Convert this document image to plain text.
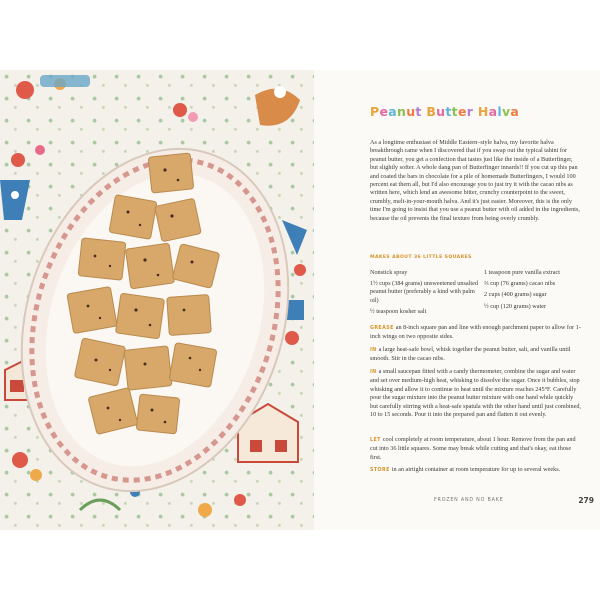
Peanut Butter Halva
As a longtime enthusiast of Middle Eastern–style halva, my favorite halva breakthrough came when I discovered that if you swap out the typical tahini for peanut butter, you get a confection that tastes just like the inside of a Butterfinger, but slightly softer. A whole dang pan of Butterfinger innards!! If you cut up this pan and coated the bars in chocolate for a pile of homemade Butterfingers, I would 100 percent eat them all, but I'd also encourage you to just try it with the cacao nibs as written here, which lend an awesome bitter, crunchy counterpoint to the sweet, crumbly, melt-in-your-mouth halva. And it's just easier. Moreover, this is the only time I'm going to insist that you use a peanut butter with oil added in the ingredients, because the oil prevents the final texture from being overly crumbly.
MAKES ABOUT 36 LITTLE SQUARES
Nonstick spray
1½ cups (384 grams) unsweetened unsalted peanut butter (preferably a kind with palm oil)
½ teaspoon kosher salt
1 teaspoon pure vanilla extract
⅔ cup (76 grams) cacao nibs
2 cups (400 grams) sugar
½ cup (120 grams) water
GREASE an 8-inch square pan and line with enough parchment paper to allow for 1-inch wings on two opposite sides.
IN a large heat-safe bowl, whisk together the peanut butter, salt, and vanilla until smooth. Stir in the cacao nibs.
IN a small saucepan fitted with a candy thermometer, combine the sugar and water and set over medium-high heat, whisking to dissolve the sugar. Once it bubbles, stop whisking and allow it to continue to heat until the mixture reaches 245°F. Carefully pour the sugar mixture into the peanut butter mixture with one hand while quickly but carefully stirring with a heat-safe spatula with the other hand until just combined, 10 to 15 seconds. Pour it into the prepared pan and flatten it out evenly.
LET cool completely at room temperature, about 1 hour. Remove from the pan and cut into 36 little squares. Some may break while cutting and that's okay, eat those first.
STORE in an airtight container at room temperature for up to several weeks.
FROZEN AND NO BAKE	279
